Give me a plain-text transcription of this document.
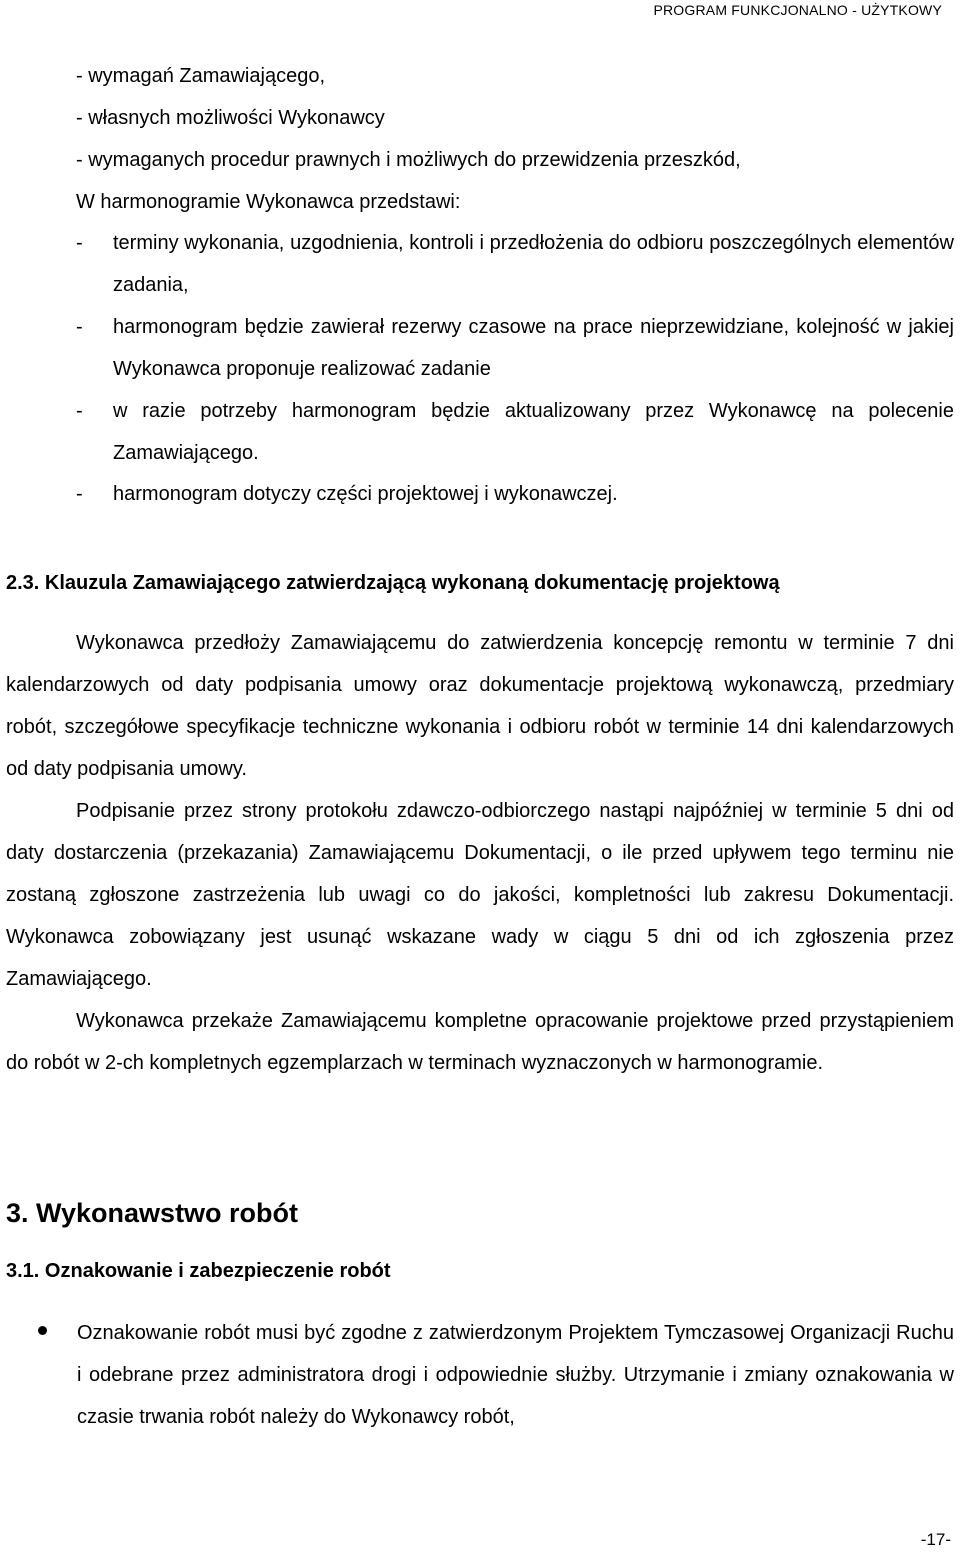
PROGRAM FUNKCJONALNO - UŻYTKOWY
- wymagań Zamawiającego,
- własnych możliwości Wykonawcy
- wymaganych procedur prawnych i możliwych do przewidzenia przeszkód,
W harmonogramie Wykonawca przedstawi:
- terminy wykonania, uzgodnienia, kontroli i przedłożenia do odbioru poszczególnych elementów zadania,
- harmonogram będzie zawierał rezerwy czasowe na prace nieprzewidziane, kolejność w jakiej Wykonawca proponuje realizować zadanie
- w razie potrzeby harmonogram będzie aktualizowany przez Wykonawcę na polecenie Zamawiającego.
- harmonogram dotyczy części projektowej i wykonawczej.
2.3. Klauzula Zamawiającego zatwierdzającą wykonaną dokumentację projektową

Wykonawca przedłoży Zamawiającemu do zatwierdzenia koncepcję remontu w terminie 7 dni kalendarzowych od daty podpisania umowy oraz dokumentacje projektową wykonawczą, przedmiary robót, szczegółowe specyfikacje techniczne wykonania i odbioru robót w terminie 14 dni kalendarzowych od daty podpisania umowy.

Podpisanie przez strony protokołu zdawczo-odbiorczego nastąpi najpóźniej w terminie 5 dni od daty dostarczenia (przekazania) Zamawiającemu Dokumentacji, o ile przed upływem tego terminu nie zostaną zgłoszone zastrzeżenia lub uwagi co do jakości, kompletności lub zakresu Dokumentacji. Wykonawca zobowiązany jest usunąć wskazane wady w ciągu 5 dni od ich zgłoszenia przez Zamawiającego.

Wykonawca przekaże Zamawiającemu kompletne opracowanie projektowe przed przystąpieniem do robót w 2-ch kompletnych egzemplarzach w terminach wyznaczonych w harmonogramie.

3. Wykonawstwo robót
3.1. Oznakowanie i zabezpieczenie robót
Oznakowanie robót musi być zgodne z zatwierdzonym Projektem Tymczasowej Organizacji Ruchu i odebrane przez administratora drogi i odpowiednie służby. Utrzymanie i zmiany oznakowania w czasie trwania robót należy do Wykonawcy robót,
-17-
